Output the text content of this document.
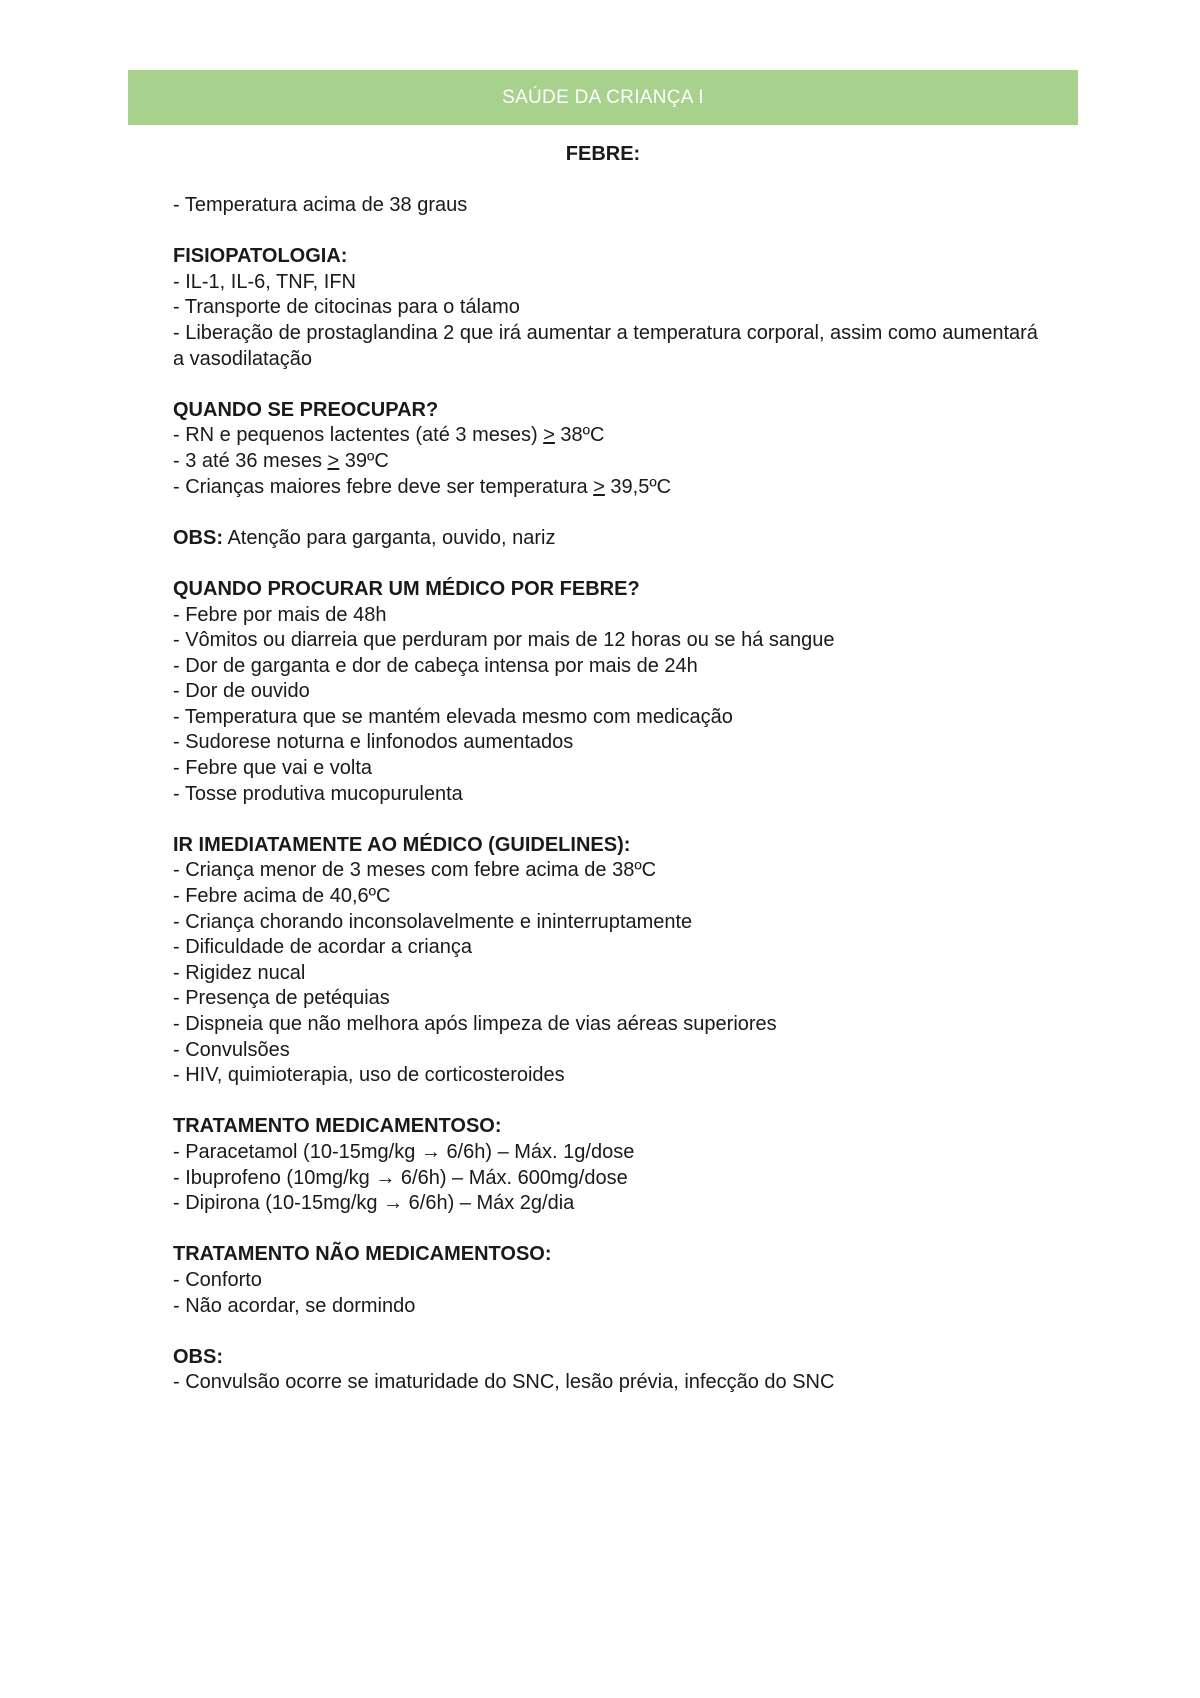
SAÚDE DA CRIANÇA I
FEBRE:
- Temperatura acima de 38 graus
FISIOPATOLOGIA:
- IL-1, IL-6, TNF, IFN
- Transporte de citocinas para o tálamo
- Liberação de prostaglandina 2 que irá aumentar a temperatura corporal, assim como aumentará a vasodilatação
QUANDO SE PREOCUPAR?
- RN e pequenos lactentes (até 3 meses) ≥ 38ºC
- 3 até 36 meses ≥ 39ºC
- Crianças maiores febre deve ser temperatura ≥ 39,5ºC
OBS: Atenção para garganta, ouvido, nariz
QUANDO PROCURAR UM MÉDICO POR FEBRE?
- Febre por mais de 48h
- Vômitos ou diarreia que perduram por mais de 12 horas ou se há sangue
- Dor de garganta e dor de cabeça intensa por mais de 24h
- Dor de ouvido
- Temperatura que se mantém elevada mesmo com medicação
- Sudorese noturna e linfonodos aumentados
- Febre que vai e volta
- Tosse produtiva mucopurulenta
IR IMEDIATAMENTE AO MÉDICO (GUIDELINES):
- Criança menor de 3 meses com febre acima de 38ºC
- Febre acima de 40,6ºC
- Criança chorando inconsolavelmente e ininterruptamente
- Dificuldade de acordar a criança
- Rigidez nucal
- Presença de petéquias
- Dispneia que não melhora após limpeza de vias aéreas superiores
- Convulsões
- HIV, quimioterapia, uso de corticosteroides
TRATAMENTO MEDICAMENTOSO:
- Paracetamol (10-15mg/kg → 6/6h) – Máx. 1g/dose
- Ibuprofeno (10mg/kg → 6/6h) – Máx. 600mg/dose
- Dipirona (10-15mg/kg → 6/6h) – Máx 2g/dia
TRATAMENTO NÃO MEDICAMENTOSO:
- Conforto
- Não acordar, se dormindo
OBS:
- Convulsão ocorre se imaturidade do SNC, lesão prévia, infecção do SNC
